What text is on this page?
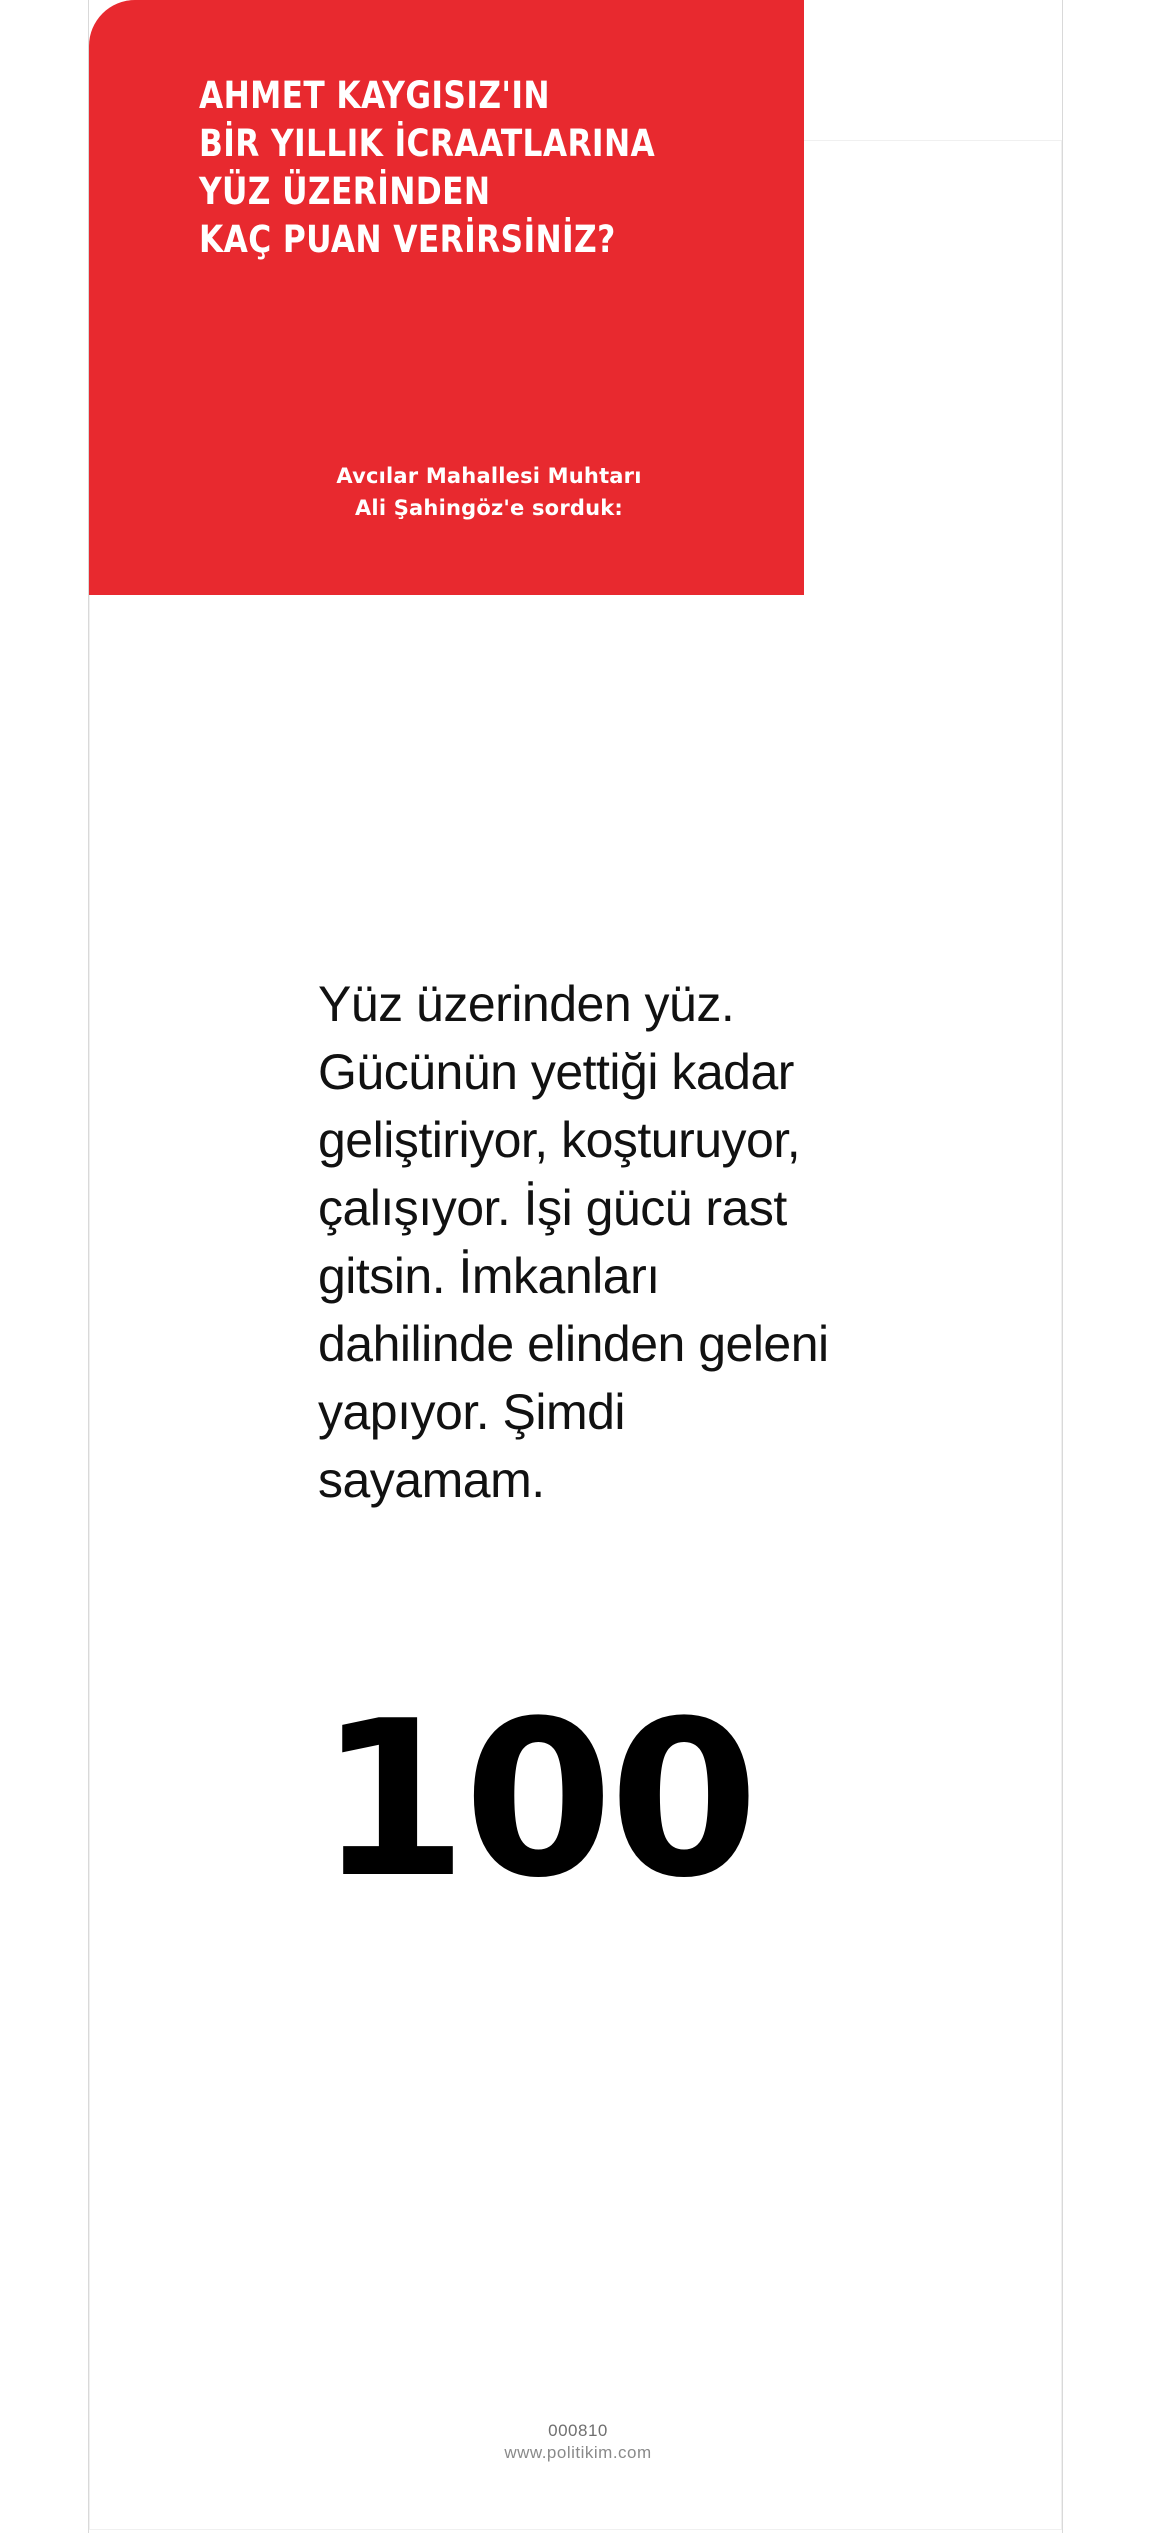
AHMET KAYGISIZ'IN
BİR YILLIK İCRAATLARINA
YÜZ ÜZERİNDEN
KAÇ PUAN VERİRSİNİZ?
Avcılar Mahallesi Muhtarı
Ali Şahingöz'e sorduk:
Yüz üzerinden yüz. Gücünün yettiği kadar geliştiriyor, koşturuyor, çalışıyor. İşi gücü rast gitsin. İmkanları dahilinde elinden geleni yapıyor. Şimdi sayamam.
100
000810
www.politikim.com
